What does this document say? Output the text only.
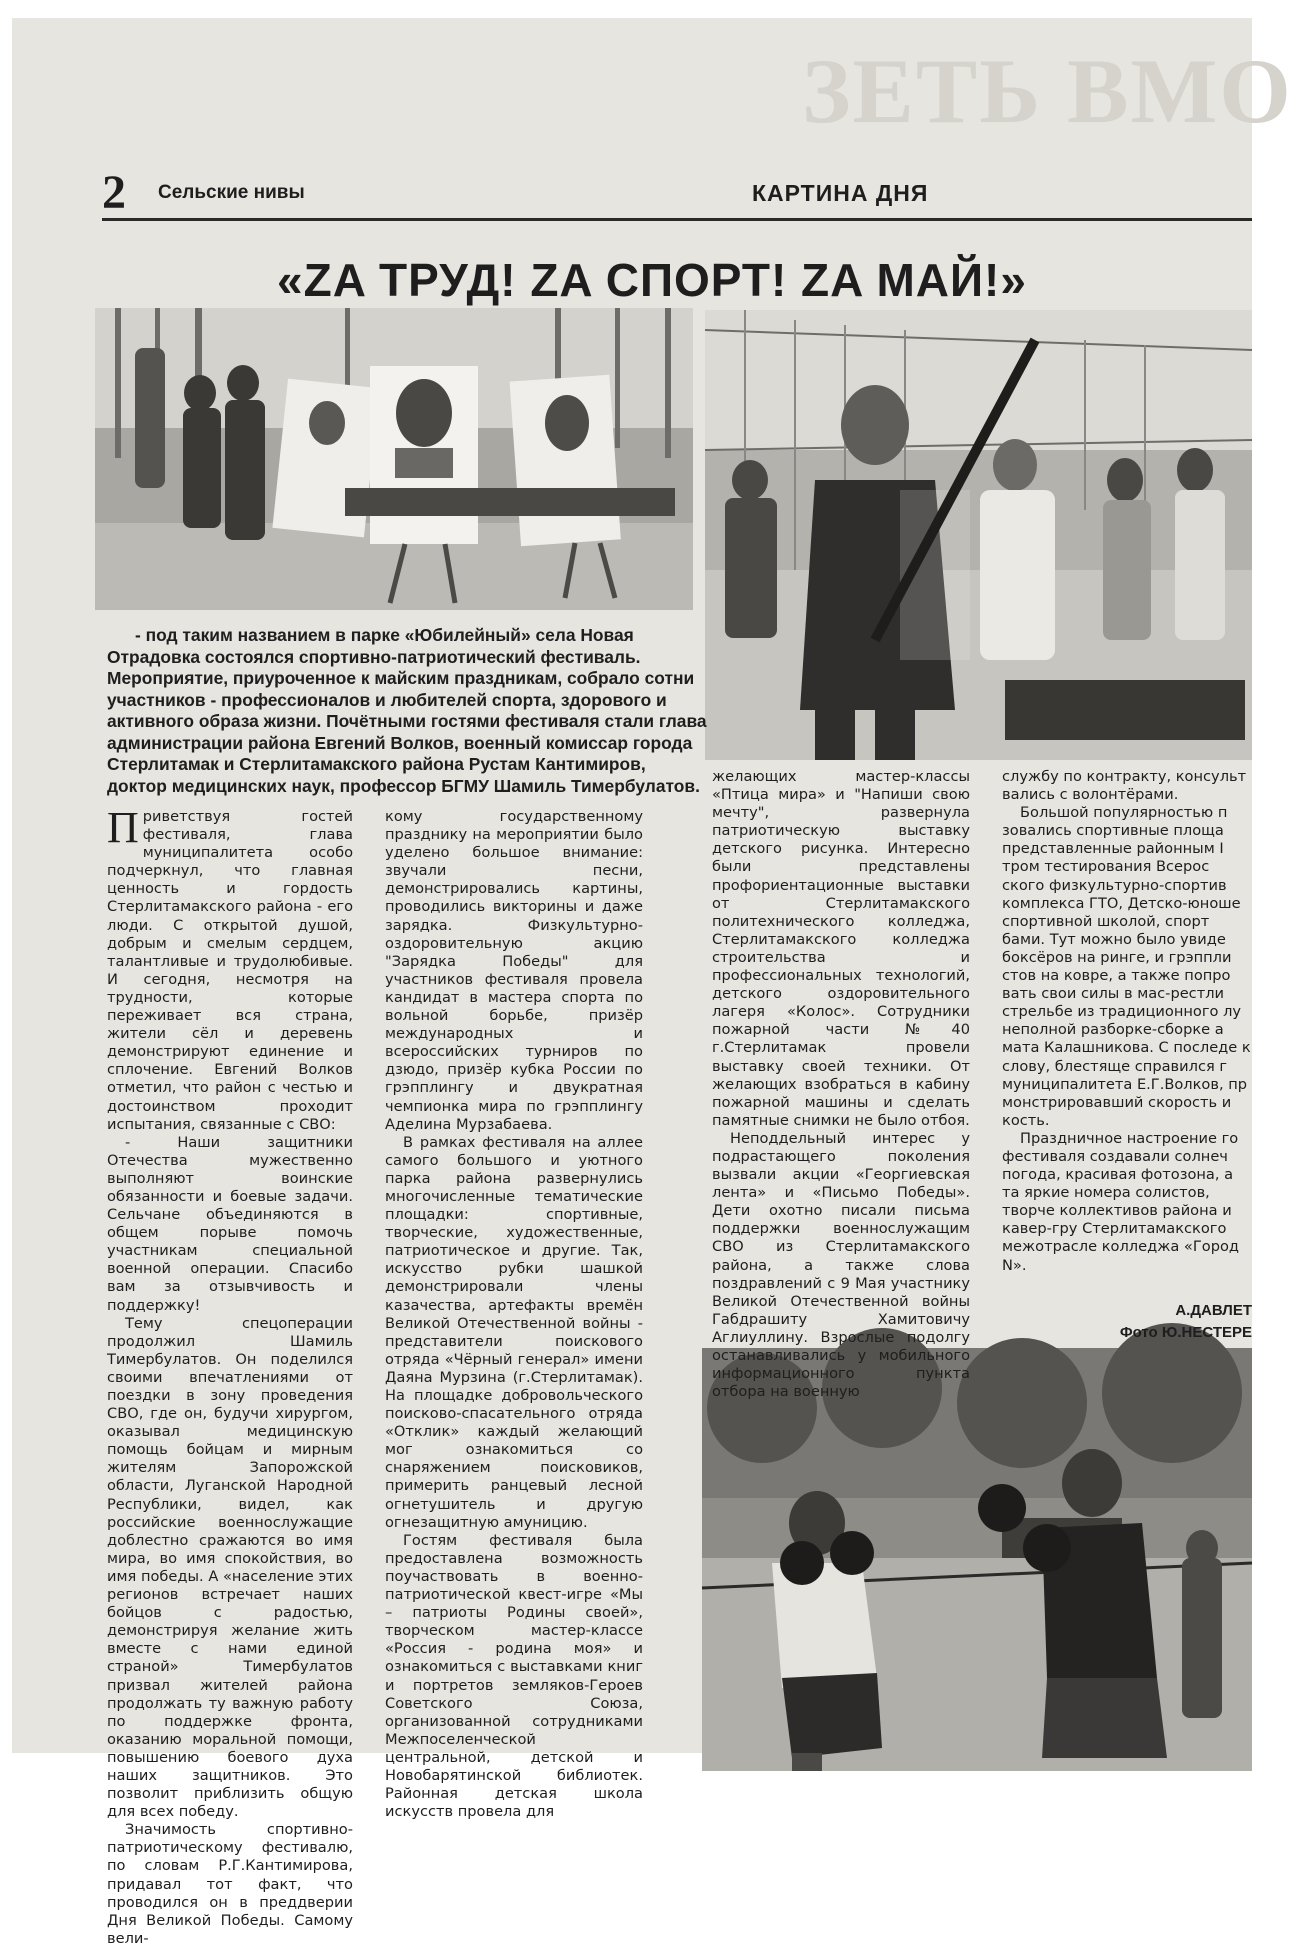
ЗЕТЬ ВМО
2 Сельские нивы	КАРТИНА ДНЯ
«ZA ТРУД! ZA СПОРТ! ZA МАЙ!»
- под таким названием в парке «Юбилейный» села Новая Отрадовка состоялся спортивно-патриотический фестиваль. Мероприятие, приуроченное к майским праздникам, собрало сотни участников - профессионалов и любителей спорта, здорового и активного образа жизни. Почётными гостями фестиваля стали глава администрации района Евгений Волков, военный комиссар города Стерлитамак и Стерлитамакского района Рустам Кантимиров, доктор медицинских наук, профессор БГМУ Шамиль Тимербулатов.

Приветствуя гостей фестиваля, глава муниципалитета особо подчеркнул, что главная ценность и гордость Стерлитамакского района - его люди. С открытой душой, добрым и смелым сердцем, талантливые и трудолюбивые. И сегодня, несмотря на трудности, которые переживает вся страна, жители сёл и деревень демонстрируют единение и сплочение. Евгений Волков отметил, что район с честью и достоинством проходит испытания, связанные с СВО:

- Наши защитники Отечества мужественно выполняют воинские обязанности и боевые задачи. Сельчане объединяются в общем порыве помочь участникам специальной военной операции. Спасибо вам за отзывчивость и поддержку!

Тему спецоперации продолжил Шамиль Тимербулатов. Он поделился своими впечатлениями от поездки в зону проведения СВО, где он, будучи хирургом, оказывал медицинскую помощь бойцам и мирным жителям Запорожской области, Луганской Народной Республики, видел, как российские военнослужащие доблестно сражаются во имя мира, во имя спокойствия, во имя победы. А «население этих регионов встречает наших бойцов с радостью, демонстрируя желание жить вместе с нами единой страной» Тимербулатов призвал жителей района продолжать ту важную работу по поддержке фронта, оказанию моральной помощи, повышению боевого духа наших защитников. Это позволит приблизить общую для всех победу.

Значимость спортивно-патриотическому фестивалю, по словам Р.Г.Кантимирова, придавал тот факт, что проводился он в преддверии Дня Великой Победы. Самому вели-

кому государственному празднику на мероприятии было уделено большое внимание: звучали песни, демонстрировались картины, проводились викторины и даже зарядка. Физкультурно-оздоровительную акцию "Зарядка Победы" для участников фестиваля провела кандидат в мастера спорта по вольной борьбе, призёр международных и всероссийских турниров по дзюдо, призёр кубка России по грэпплингу и двукратная чемпионка мира по грэпплингу Аделина Мурзабаева.

В рамках фестиваля на аллее самого большого и уютного парка района развернулись многочисленные тематические площадки: спортивные, творческие, художественные, патриотическое и другие. Так, искусство рубки шашкой демонстрировали члены казачества, артефакты времён Великой Отечественной войны - представители поискового отряда «Чёрный генерал» имени Даяна Мурзина (г.Стерлитамак). На площадке добровольческого поисково-спасательного отряда «Отклик» каждый желающий мог ознакомиться со снаряжением поисковиков, примерить ранцевый лесной огнетушитель и другую огнезащитную амуницию.

Гостям фестиваля была предоставлена возможность поучаствовать в военно-патриотической квест-игре «Мы – патриоты Родины своей», творческом мастер-классе «Россия - родина моя» и ознакомиться с выставками книг и портретов земляков-Героев Советского Союза, организованной сотрудниками Межпоселенческой центральной, детской и Новобарятинской библиотек. Районная детская школа искусств провела для

желающих мастер-классы «Птица мира» и "Напиши свою мечту", развернула патриотическую выставку детского рисунка. Интересно были представлены профориентационные выставки от Стерлитамакского политехнического колледжа, Стерлитамакского колледжа строительства и профессиональных технологий, детского оздоровительного лагеря «Колос». Сотрудники пожарной части №40 г.Стерлитамак провели выставку своей техники. От желающих взобраться в кабину пожарной машины и сделать памятные снимки не было отбоя.

Неподдельный интерес у подрастающего поколения вызвали акции «Георгиевская лента» и «Письмо Победы». Дети охотно писали письма поддержки военнослужащим СВО из Стерлитамакского района, а также слова поздравлений с 9 Мая участнику Великой Отечественной войны Габдрашиту Хамитовичу Аглиуллину. Взрослые подолгу останавливались у мобильного информационного пункта отбора на военную

службу по контракту, консульт вались с волонтёрами.

Большой популярностью п зовались спортивные площа представленные районным I тром тестирования Всерос ского физкультурно-спортив комплекса ГТО, Детско-юноше спортивной школой, спорт бами. Тут можно было увиде боксёров на ринге, и грэппли стов на ковре, а также попро вать свои силы в мас-рестли стрельбе из традиционного лу неполной разборке-сборке а мата Калашникова. С последе к слову, блестяще справился г муниципалитета Е.Г.Волков, пр монстрировавший скорость и кость.

Праздничное настроение го фестиваля создавали солнеч погода, красивая фотозона, а та яркие номера солистов, творче коллективов района и кавер-гру Стерлитамакского межотрасле колледжа «Город N».

А.ДАВЛЕТ
Фото Ю.НЕСТЕРЕ
